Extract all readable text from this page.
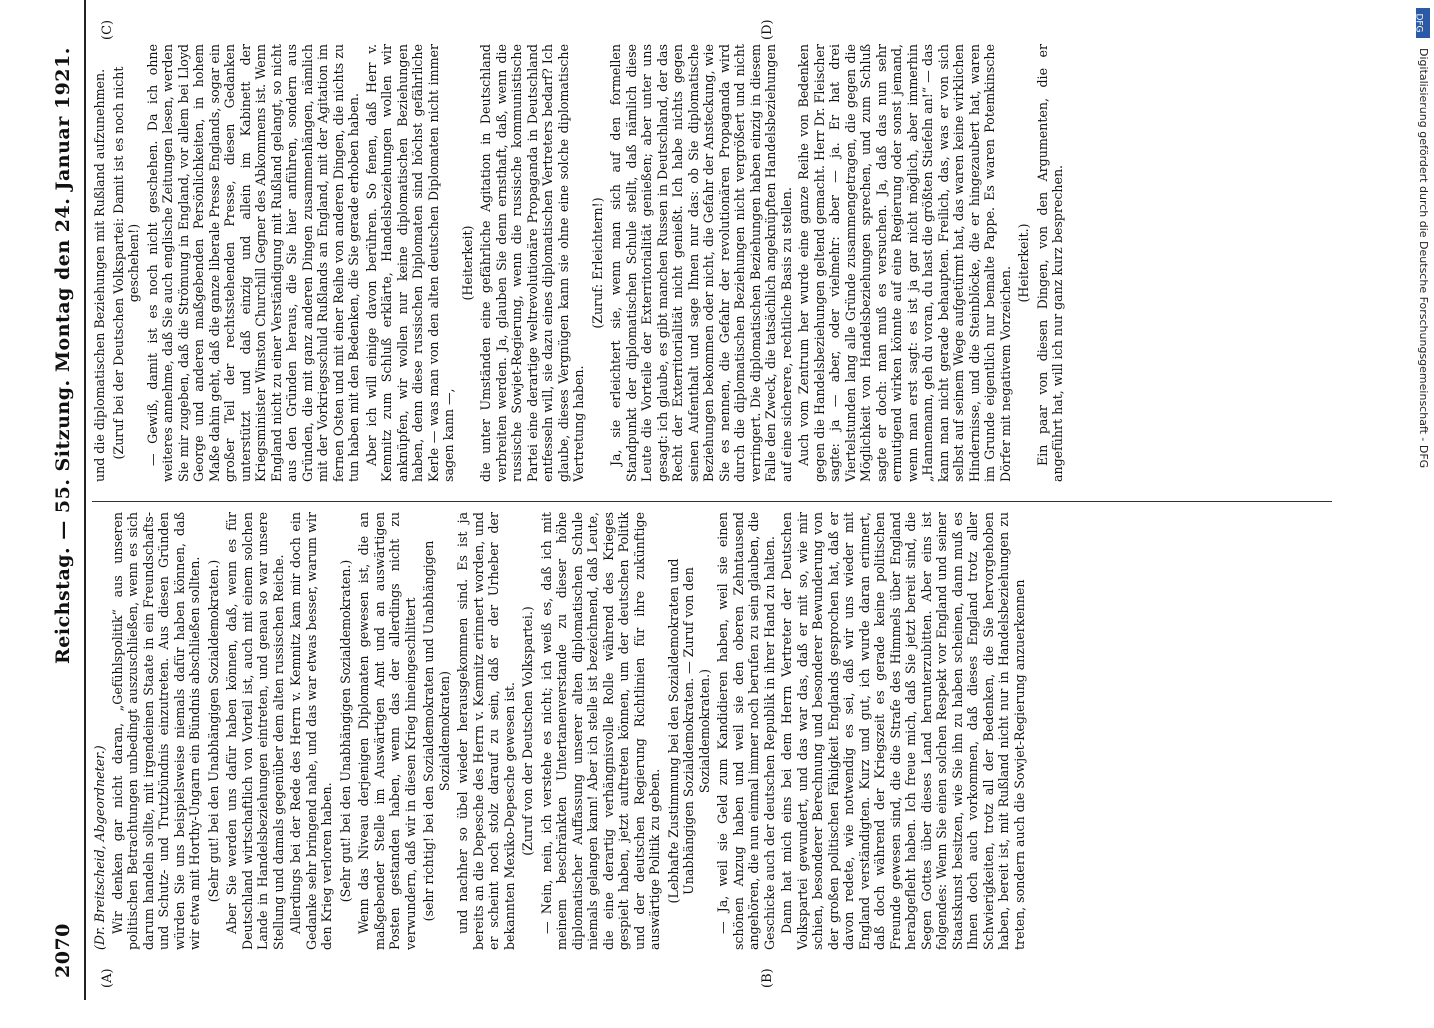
2070
Reichstag. — 55. Sitzung.
Montag den 24. Januar 1921.
(A)	(B)
(C)	(D)

(Dr. Breitscheid, Abgeordneter.) Wir denken gar nicht daran, „Gefühlspolitik“ aus unseren politischen Betrachtungen unbedingt auszuschließen, wenn es sich darum handeln sollte, mit irgendeinen Staate in ein Freundschafts- und Schutz- und Trutzbündnis einzutreten. Aus diesen Gründen würden Sie uns beispielsweise niemals dafür haben können, daß wir etwa mit Horthy-Ungarn ein Bündnis abschließen sollten. (Sehr gut! bei den Unabhängigen Sozialdemokraten.) Aber Sie werden uns dafür haben können, daß, wenn es für Deutschland wirtschaftlich von Vorteil ist, auch mit einem solchen Lande in Handelsbeziehungen eintreten, und genau so war unsere Stellung und damals gegenüber dem alten russischen Reiche. Allerdings bei der Rede des Herrn v. Kemnitz kam mir doch ein Gedanke sehr bringend nahe, und das war etwas besser, warum wir den Krieg verloren haben. (Sehr gut! bei den Unabhängigen Sozialdemokraten.) Wenn das Niveau derjenigen Diplomaten gewesen ist, die an maßgebender Stelle im Auswärtigen Amt und an auswärtigen Posten gestanden haben, wenn das der allerdings nicht zu verwundern, daß wir in diesen Krieg hineingeschlittert (sehr richtig! bei den Sozialdemokraten und Unabhängigen Sozialdemokraten) und nachher so übel wieder herausgekommen sind. Es ist ja bereits an die Depesche des Herrn v. Kemnitz erinnert worden, und er scheint noch stolz darauf zu sein, daß er der Urheber der bekannten Mexiko-Depesche gewesen ist. (Zuruf von der Deutschen Volkspartei.) — Nein, nein, ich verstehe es nicht; ich weiß es, daß ich mit meinem beschränkten Untertanenverstande zu dieser höhe diplomatischer Auffassung unserer alten diplomatischen Schule niemals gelangen kann! Aber ich stelle ist bezeichnend, daß Leute, die eine derartig verhängnisvolle Rolle während des Krieges gespielt haben, jetzt auftreten können, um der deutschen Politik und der deutschen Regierung Richtlinien für ihre zukünftige auswärtige Politik zu geben. (Lebhafte Zustimmung bei den Sozialdemokraten und Unabhängigen Sozialdemokraten. — Zuruf von den Sozialdemokraten.) — Ja, weil sie Geld zum Kandidieren haben, weil sie einen schönen Anzug haben und weil sie den oberen Zehntausend angehören, die nun einmal immer noch berufen zu sein glauben, die Geschicke auch der deutschen Republik in ihrer Hand zu halten. Dann hat mich eins bei dem Herrn Vertreter der Deutschen Volkspartei gewundert, und das war das, daß er mit so, wie mir schien, besonderer Berechnung und besonderer Bewunderung von der großen politischen Fähigkeit Englands gesprochen hat, daß er davon redete, wie notwendig es sei, daß wir uns wieder mit England verständigten. Kurz und gut, ich wurde daran erinnert, daß doch während der Kriegszeit es gerade keine politischen Freunde gewesen sind, die die Strafe des Himmels über England herabgefleht haben. Ich freue mich, daß Sie jetzt bereit sind, die Segen Gottes über dieses Land herunterzubitten. Aber eins ist folgendes: Wenn Sie einen solchen Respekt vor England und seiner Staatskunst besitzen, wie Sie ihn zu haben scheinen, dann muß es Ihnen doch auch vorkommen, daß dieses England trotz aller Schwierigkeiten, trotz all der Bedenken, die Sie hervorgehoben haben, bereit ist, mit Rußland nicht nur in Handelsbeziehungen zu treten, sondern auch die Sowjet-Regierung anzuerkennen

und die diplomatischen Beziehungen mit Rußland aufzunehmen. (Zuruf bei der Deutschen Volkspartei: Damit ist es noch nicht geschehen!) — Gewiß, damit ist es noch nicht geschehen. Da ich ohne weiteres annehme, daß Sie auch englische Zeitungen lesen, werden Sie mir zugeben, daß die Strömung in England, vor allem bei Lloyd George und anderen maßgebenden Persönlichkeiten, in hohem Maße dahin geht, daß die ganze liberale Presse Englands, sogar ein großer Teil der rechtsstehenden Presse, diesen Gedanken unterstützt und daß einzig und allein im Kabinett der Kriegsminister Winston Churchill Gegner des Abkommens ist. Wenn England nicht zu einer Verständigung mit Rußland gelangt, so nicht aus den Gründen heraus, die Sie hier anführen, sondern aus Gründen, die mit ganz anderen Dingen zusammenhängen, nämlich mit der Vorkriegsschuld Rußlands an England, mit der Agitation im fernen Osten und mit einer Reihe von anderen Dingen, die nichts zu tun haben mit den Bedenken, die Sie gerade erhoben haben. Aber ich will einige davon berühren. So fenen, daß Herr v. Kemnitz zum Schluß erklärte, Handelsbeziehungen wollen wir anknüpfen, wir wollen nur keine diplomatischen Beziehungen haben, denn diese russischen Diplomaten sind höchst gefährliche Kerle — was man von den alten deutschen Diplomaten nicht immer sagen kann —,

(Heiterkeit) die unter Umständen eine gefährliche Agitation in Deutschland verbreiten werden. Ja, glauben Sie denn ernsthaft, daß, wenn die russische Sowjet-Regierung, wenn die russische kommunistische Partei eine derartige weltrevolutionäre Propaganda in Deutschland entfesseln will, sie dazu eines diplomatischen Vertreters bedarf? Ich glaube, dieses Vergnügen kann sie ohne eine solche diplomatische Vertretung haben.

(Zuruf: Erleichtern!) Ja, sie erleichtert sie, wenn man sich auf den formellen Standpunkt der diplomatischen Schule stellt, daß nämlich diese Leute die Vorteile der Exterritorialität genießen; aber unter uns gesagt: ich glaube, es gibt manchen Russen in Deutschland, der das Recht der Exterritorialität nicht genießt. Ich habe nichts gegen seinen Aufenthalt und sage Ihnen nur das: ob Sie diplomatische Beziehungen bekommen oder nicht, die Gefahr der Ansteckung, wie Sie es nennen, die Gefahr der revolutionären Propaganda wird durch die diplomatischen Beziehungen nicht vergrößert und nicht verringert. Die diplomatischen Beziehungen haben einzig in diesem Falle den Zweck, die tatsächlich angeknüpften Handelsbeziehungen auf eine sicherere, rechtliche Basis zu stellen. Auch vom Zentrum her wurde eine ganze Reihe von Bedenken gegen die Handelsbeziehungen geltend gemacht. Herr Dr. Fleischer sagte: ja — aber, oder vielmehr: aber — ja. Er hat drei Viertelstunden lang alle Gründe zusammengetragen, die gegen die Möglichkeit von Handelsbeziehungen sprechen, und zum Schluß sagte er doch: man muß es versuchen. Ja, daß das nun sehr ermutigend wirken könnte auf eine Regierung oder sonst jemand, wenn man erst sagt: es ist ja gar nicht möglich, aber immerhin „Hannemann, geh du voran, du hast die größten Stiefeln an!“ — das kann man nicht gerade behaupten. Freilich, das, was er von sich selbst auf seinem Wege aufgetürmt hat, das waren keine wirklichen Hindernisse, und die Steinblöcke, die er hingezaubert hat, waren im Grunde eigentlich nur bemalte Pappe. Es waren Potemkinsche Dörfer mit negativem Vorzeichen.

(Heiterkeit.) Ein paar von diesen Dingen, von den Argumenten, die er angeführt hat, will ich nur ganz kurz besprechen.

DFG
Digitalisierung gefördert durch die Deutsche Forschungsgemeinschaft - DFG
